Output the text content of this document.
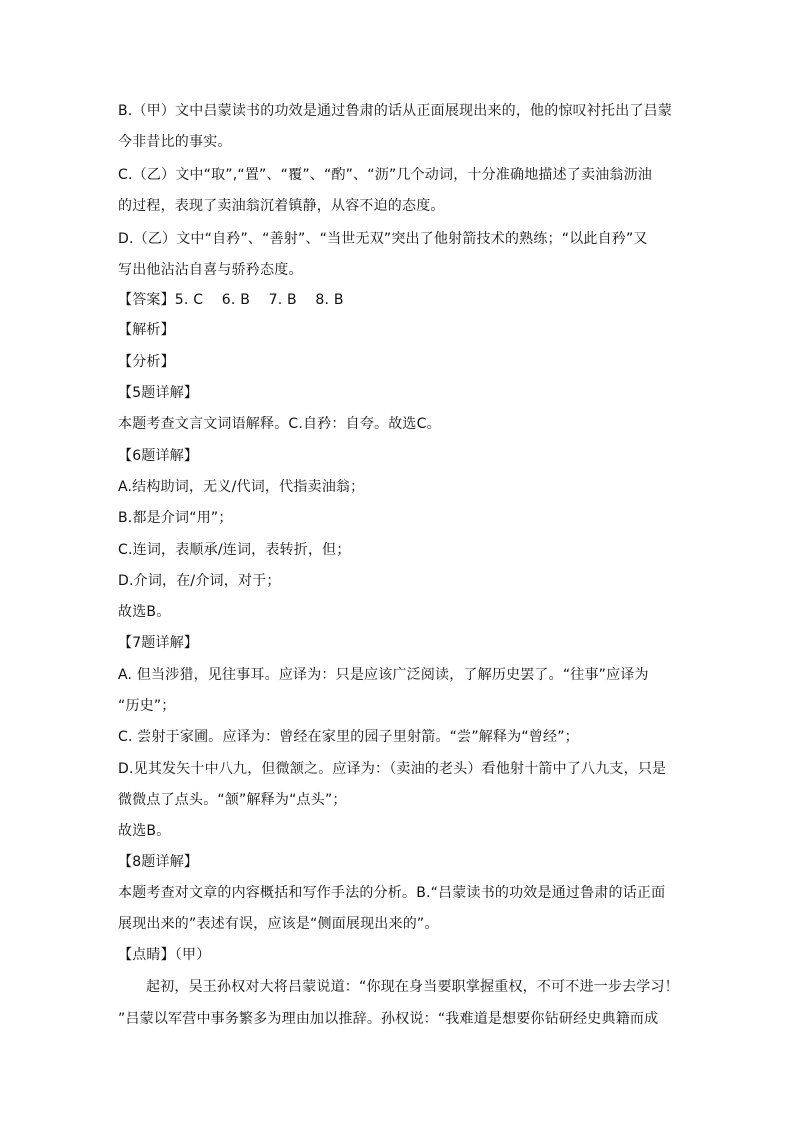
B.（甲）文中吕蒙读书的功效是通过鲁肃的话从正面展现出来的，他的惊叹衬托出了吕蒙
今非昔比的事实。
C.（乙）文中“取”,“置”、“覆”、“酌”、“沥”几个动词，十分准确地描述了卖油翁沥油
的过程，表现了卖油翁沉着镇静，从容不迫的态度。
D.（乙）文中“自矜”、“善射”、“当世无双”突出了他射箭技术的熟练；“以此自矜”又
写出他沾沾自喜与骄矜态度。
【答案】5. C    6. B    7. B    8. B
【解析】
【分析】
【5题详解】
本题考查文言文词语解释。C.自矜：自夸。故选C。
【6题详解】
A.结构助词，无义/代词，代指卖油翁；
B.都是介词“用”；
C.连词，表顺承/连词，表转折，但；
D.介词，在/介词，对于；
故选B。
【7题详解】
A. 但当涉猎，见往事耳。应译为：只是应该广泛阅读，了解历史罢了。“往事”应译为
“历史”；
C. 尝射于家圃。应译为：曾经在家里的园子里射箭。“尝”解释为“曾经”；
D.见其发矢十中八九，但微颔之。应译为：（卖油的老头）看他射十箭中了八九支，只是
微微点了点头。“颔”解释为“点头”；
故选B。
【8题详解】
本题考查对文章的内容概括和写作手法的分析。B.“吕蒙读书的功效是通过鲁肃的话正面
展现出来的”表述有误，应该是“侧面展现出来的”。
【点睛】（甲）
起初，吴王孙权对大将吕蒙说道：“你现在身当要职掌握重权，不可不进一步去学习！
”吕蒙以军营中事务繁多为理由加以推辞。孙权说：“我难道是想要你钻研经史典籍而成
